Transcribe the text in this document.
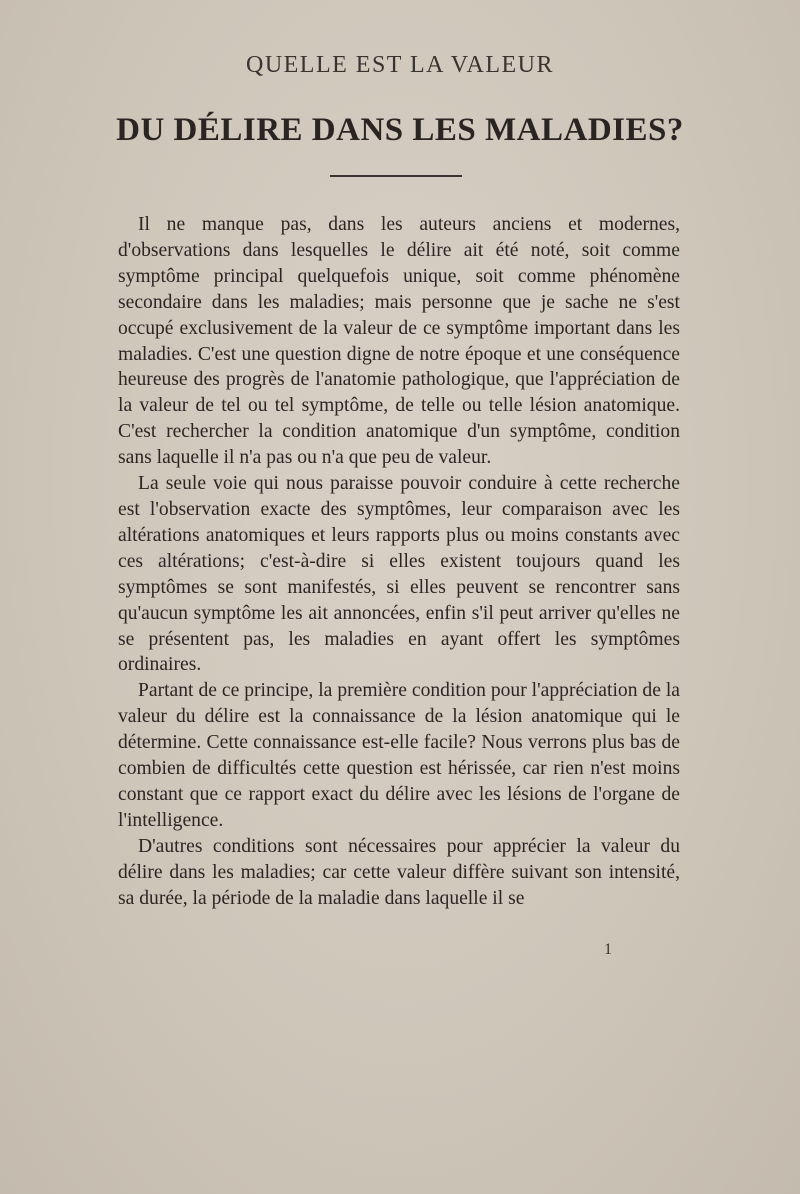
QUELLE EST LA VALEUR
DU DÉLIRE DANS LES MALADIES?

Il ne manque pas, dans les auteurs anciens et modernes, d'observations dans lesquelles le délire ait été noté, soit comme symptôme principal quelquefois unique, soit comme phénomène secondaire dans les maladies; mais personne que je sache ne s'est occupé exclusivement de la valeur de ce symptôme important dans les maladies. C'est une question digne de notre époque et une conséquence heureuse des progrès de l'anatomie pathologique, que l'appréciation de la valeur de tel ou tel symptôme, de telle ou telle lésion anatomique. C'est rechercher la condition anatomique d'un symptôme, condition sans laquelle il n'a pas ou n'a que peu de valeur.

La seule voie qui nous paraisse pouvoir conduire à cette recherche est l'observation exacte des symptômes, leur comparaison avec les altérations anatomiques et leurs rapports plus ou moins constants avec ces altérations; c'est-à-dire si elles existent toujours quand les symptômes se sont manifestés, si elles peuvent se rencontrer sans qu'aucun symptôme les ait annoncées, enfin s'il peut arriver qu'elles ne se présentent pas, les maladies en ayant offert les symptômes ordinaires.

Partant de ce principe, la première condition pour l'appréciation de la valeur du délire est la connaissance de la lésion anatomique qui le détermine. Cette connaissance est-elle facile? Nous verrons plus bas de combien de difficultés cette question est hérissée, car rien n'est moins constant que ce rapport exact du délire avec les lésions de l'organe de l'intelligence.

D'autres conditions sont nécessaires pour apprécier la valeur du délire dans les maladies; car cette valeur diffère suivant son intensité, sa durée, la période de la maladie dans laquelle il se

1
